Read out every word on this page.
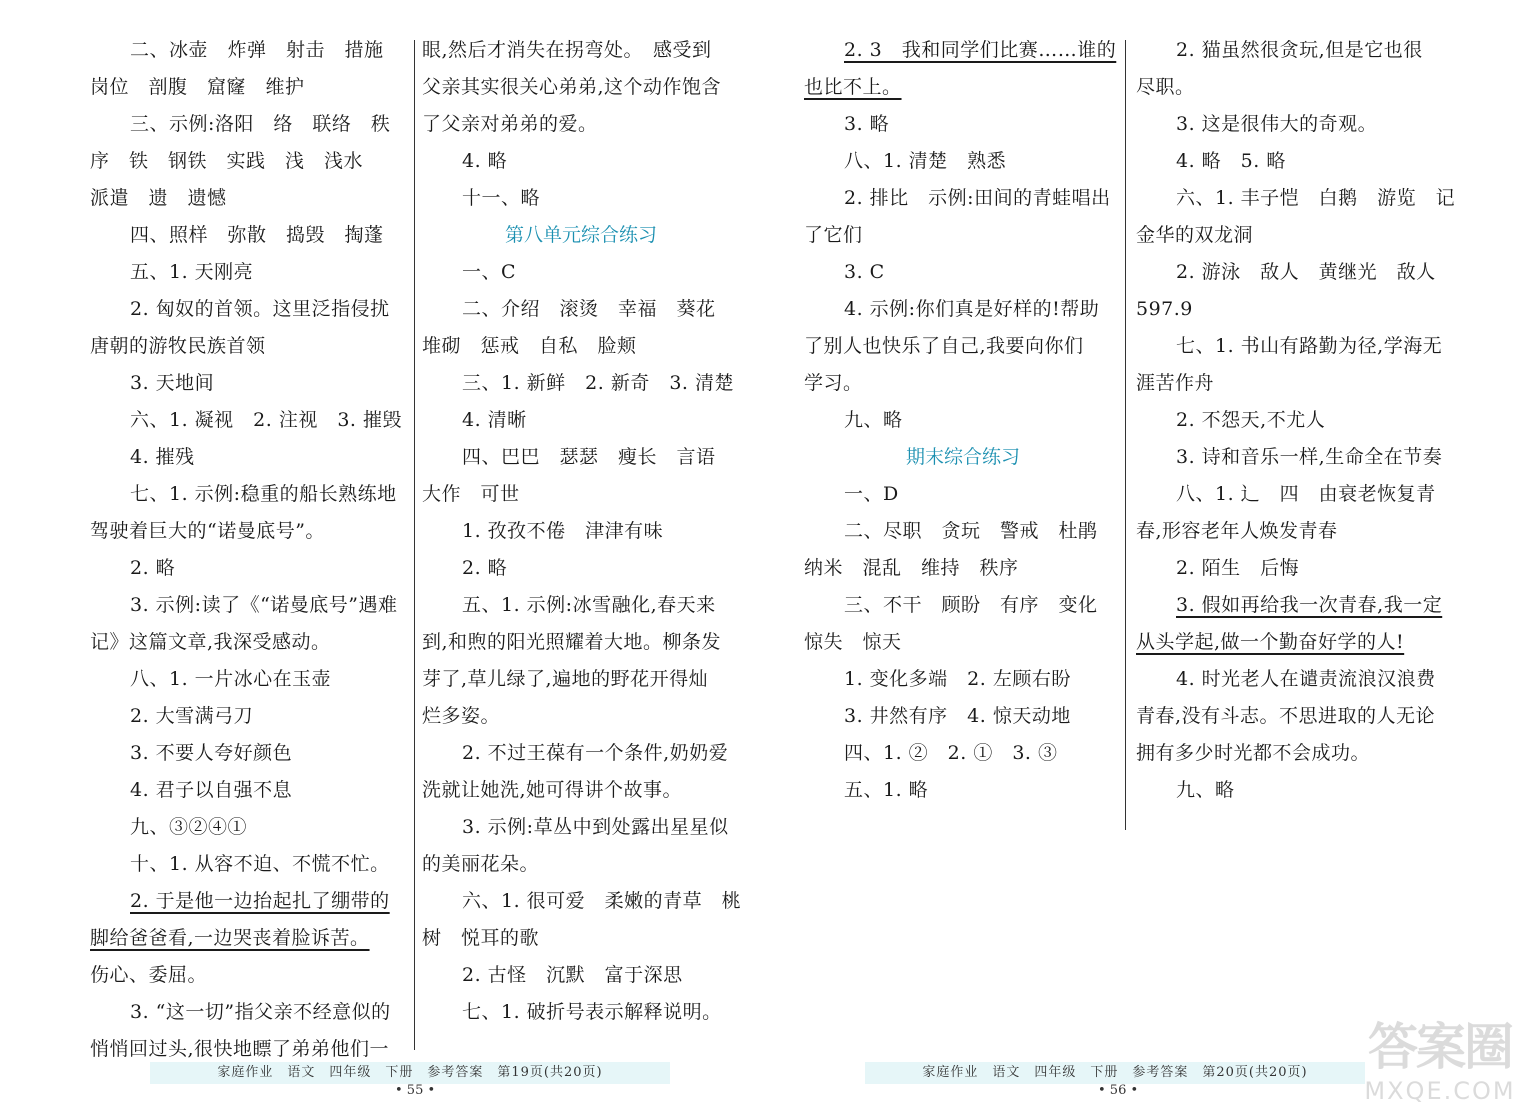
二、冰壶　炸弹　射击　措施
岗位　剖腹　窟窿　维护
三、示例:洛阳　络　联络　秩
序　铁　钢铁　实践　浅　浅水
派遣　遗　遗憾
四、照样　弥散　捣毁　掏蓬
五、1. 天刚亮
2. 匈奴的首领。这里泛指侵扰
唐朝的游牧民族首领
3. 天地间
六、1. 凝视　2. 注视　3. 摧毁
4. 摧残
七、1. 示例:稳重的船长熟练地
驾驶着巨大的“诺曼底号”。
2. 略
3. 示例:读了《“诺曼底号”遇难
记》这篇文章,我深受感动。
八、1. 一片冰心在玉壶
2. 大雪满弓刀
3. 不要人夸好颜色
4. 君子以自强不息
九、③②④①
十、1. 从容不迫、不慌不忙。
2. 于是他一边抬起扎了绷带的
脚给爸爸看,一边哭丧着脸诉苦。
伤心、委屈。
3. “这一切”指父亲不经意似的
悄悄回过头,很快地瞟了弟弟他们一
眼,然后才消失在拐弯处。　感受到
父亲其实很关心弟弟,这个动作饱含
了父亲对弟弟的爱。
4. 略
十一、略
第八单元综合练习
一、C
二、介绍　滚烫　幸福　葵花
堆砌　惩戒　自私　脸颊
三、1. 新鲜　2. 新奇　3. 清楚
4. 清晰
四、巴巴　瑟瑟　瘦长　言语
大作　可世
1. 孜孜不倦　津津有味
2. 略
五、1. 示例:冰雪融化,春天来
到,和煦的阳光照耀着大地。柳条发
芽了,草儿绿了,遍地的野花开得灿
烂多姿。
2. 不过王葆有一个条件,奶奶爱
洗就让她洗,她可得讲个故事。
3. 示例:草丛中到处露出星星似
的美丽花朵。
六、1. 很可爱　柔嫩的青草　桃
树　悦耳的歌
2. 古怪　沉默　富于深思
七、1. 破折号表示解释说明。
2. 3　我和同学们比赛……谁的
也比不上。
3. 略
八、1. 清楚　熟悉
2. 排比　示例:田间的青蛙唱出
了它们
3. C
4. 示例:你们真是好样的!帮助
了别人也快乐了自己,我要向你们
学习。
九、略
期末综合练习
一、D
二、尽职　贪玩　警戒　杜鹃
纳米　混乱　维持　秩序
三、不干　顾盼　有序　变化
惊失　惊天
1. 变化多端　2. 左顾右盼
3. 井然有序　4. 惊天动地
四、1. ②　2. ①　3. ③
五、1. 略
2. 猫虽然很贪玩,但是它也很
尽职。
3. 这是很伟大的奇观。
4. 略　5. 略
六、1. 丰子恺　白鹅　游览　记
金华的双龙洞
2. 游泳　敌人　黄继光　敌人
597.9
七、1. 书山有路勤为径,学海无
涯苦作舟
2. 不怨天,不尤人
3. 诗和音乐一样,生命全在节奏
八、1. 辶　四　由衰老恢复青
春,形容老年人焕发青春
2. 陌生　后悔
3. 假如再给我一次青春,我一定
从头学起,做一个勤奋好学的人!
4. 时光老人在谴责流浪汉浪费
青春,没有斗志。不思进取的人无论
拥有多少时光都不会成功。
九、略
家庭作业　语文　四年级　下册　参考答案　第19页(共20页)
• 55 •
家庭作业　语文　四年级　下册　参考答案　第20页(共20页)
• 56 •
答案圈
MXQE.COM
